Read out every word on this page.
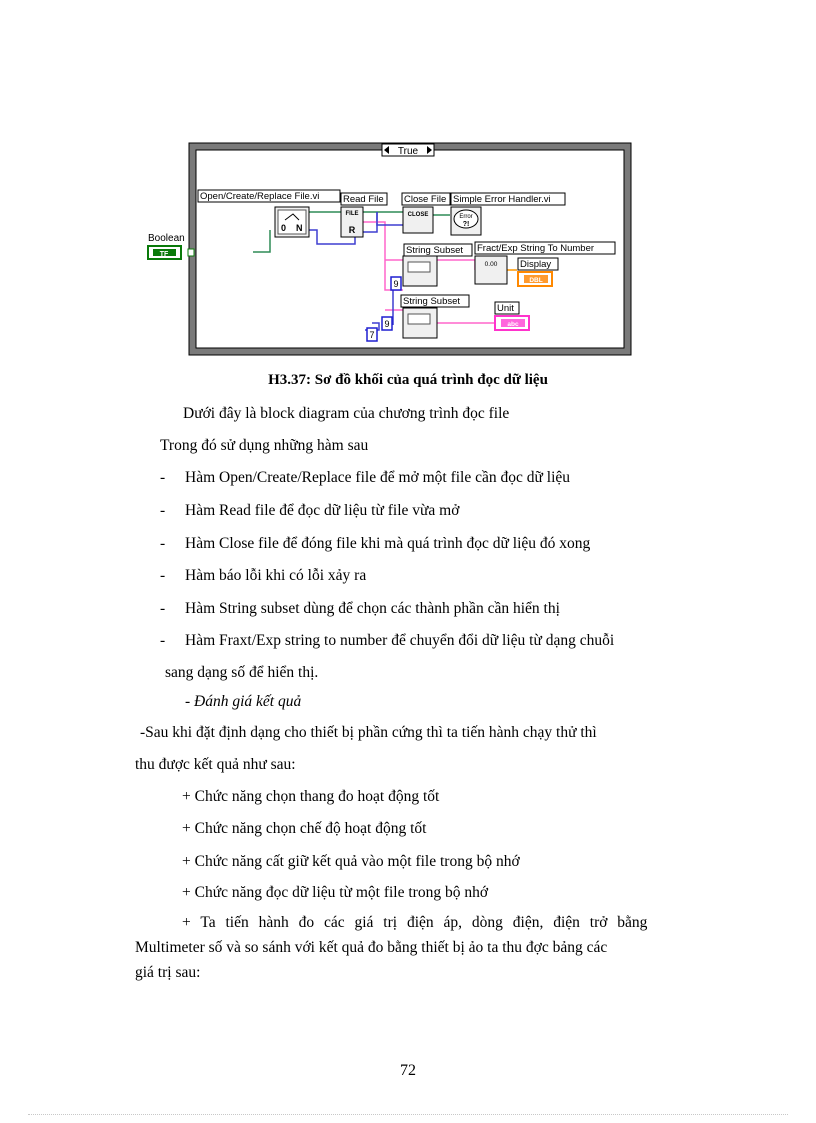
True
Boolean
TF
Open/Create/Replace File.vi
0 N
Read File
FILE
R
Close File
CLOSE
Simple Error Handler.vi
Error
?!
String Subset Fract/Exp String To Number
0.00 Display
DBL
9
String Subset
9
7
Unit
abc
H3.37: Sơ đồ khối của quá trình đọc dữ liệu
Dưới đây là block diagram của chương trình đọc file
Trong đó sử dụng những hàm sau
- Hàm Open/Create/Replace file để mở một file cần đọc dữ liệu
- Hàm Read file để đọc dữ liệu từ file vừa mở
- Hàm Close file để đóng file khi mà quá trình đọc dữ liệu đó xong
- Hàm báo lỗi khi có lỗi xảy ra
- Hàm String subset dùng để chọn các thành phần cần hiển thị
- Hàm Fraxt/Exp string to number để chuyển đổi dữ liệu từ dạng chuỗi
sang dạng số để hiển thị.
- Đánh giá kết quả
-Sau khi đặt định dạng cho thiết bị phần cứng thì ta tiến hành chạy thử thì
thu được kết quả như sau:
+ Chức năng chọn thang đo hoạt động tốt
+ Chức năng chọn chế độ hoạt động tốt
+ Chức năng cất giữ kết quả vào một file trong bộ nhớ
+ Chức năng đọc dữ liệu từ một file trong bộ nhớ
+ Ta tiến hành đo các giá trị điện áp, dòng điện, điện trở bằng
Multimeter số và so sánh với kết quả đo bằng thiết bị ảo ta thu đợc bảng các
giá trị sau:
72
